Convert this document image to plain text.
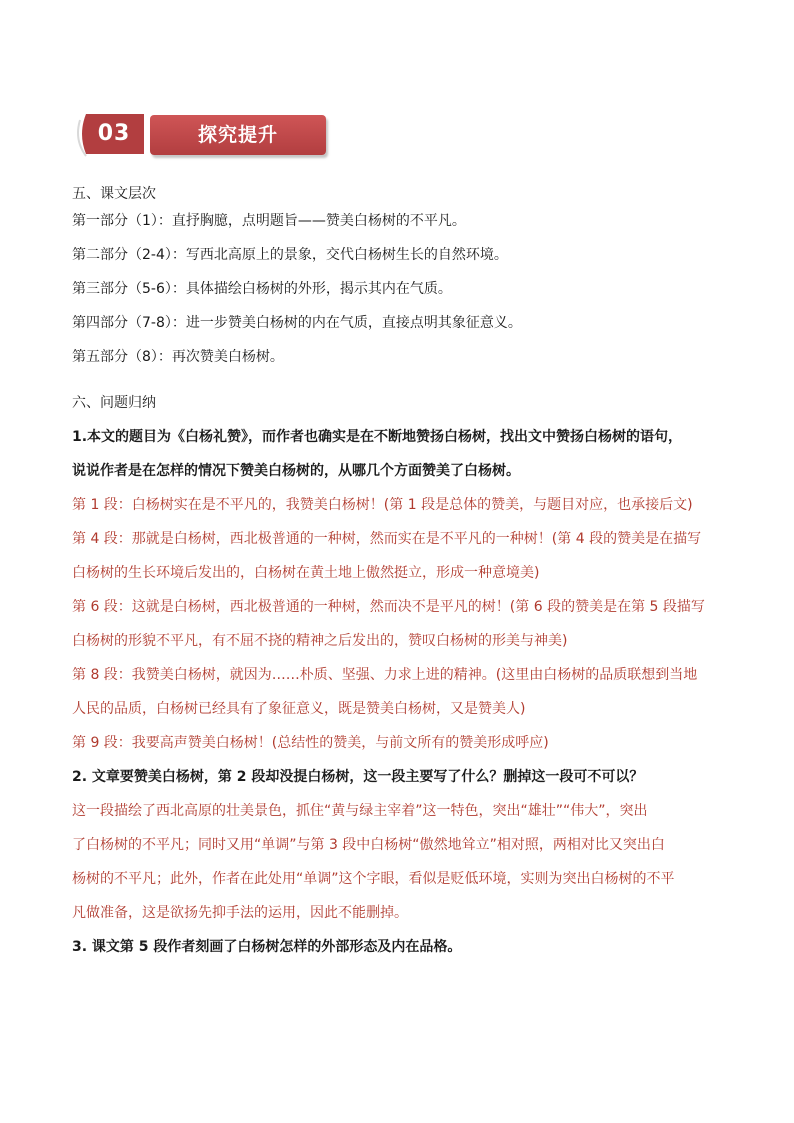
03	探究提升
五、课文层次
第一部分（1）：直抒胸臆，点明题旨——赞美白杨树的不平凡。
第二部分（2-4）：写西北高原上的景象，交代白杨树生长的自然环境。
第三部分（5-6）：具体描绘白杨树的外形，揭示其内在气质。
第四部分（7-8）：进一步赞美白杨树的内在气质，直接点明其象征意义。
第五部分（8）：再次赞美白杨树。
六、问题归纳
1.本文的题目为《白杨礼赞》，而作者也确实是在不断地赞扬白杨树，找出文中赞扬白杨树的语句，
说说作者是在怎样的情况下赞美白杨树的，从哪几个方面赞美了白杨树。
第 1 段：白杨树实在是不平凡的，我赞美白杨树！(第 1 段是总体的赞美，与题目对应，也承接后文)
第 4 段：那就是白杨树，西北极普通的一种树，然而实在是不平凡的一种树！(第 4 段的赞美是在描写
白杨树的生长环境后发出的，白杨树在黄土地上傲然挺立，形成一种意境美)
第 6 段：这就是白杨树，西北极普通的一种树，然而决不是平凡的树！(第 6 段的赞美是在第 5 段描写
白杨树的形貌不平凡，有不屈不挠的精神之后发出的，赞叹白杨树的形美与神美)
第 8 段：我赞美白杨树，就因为……朴质、坚强、力求上进的精神。(这里由白杨树的品质联想到当地
人民的品质，白杨树已经具有了象征意义，既是赞美白杨树，又是赞美人)
第 9 段：我要高声赞美白杨树！(总结性的赞美，与前文所有的赞美形成呼应)
2. 文章要赞美白杨树，第 2 段却没提白杨树，这一段主要写了什么？删掉这一段可不可以？
这一段描绘了西北高原的壮美景色，抓住“黄与绿主宰着”这一特色，突出“雄壮”“伟大”，突出
了白杨树的不平凡；同时又用“单调”与第 3 段中白杨树“傲然地耸立”相对照，两相对比又突出白
杨树的不平凡；此外，作者在此处用“单调”这个字眼，看似是贬低环境，实则为突出白杨树的不平
凡做准备，这是欲扬先抑手法的运用，因此不能删掉。
3. 课文第 5 段作者刻画了白杨树怎样的外部形态及内在品格。
